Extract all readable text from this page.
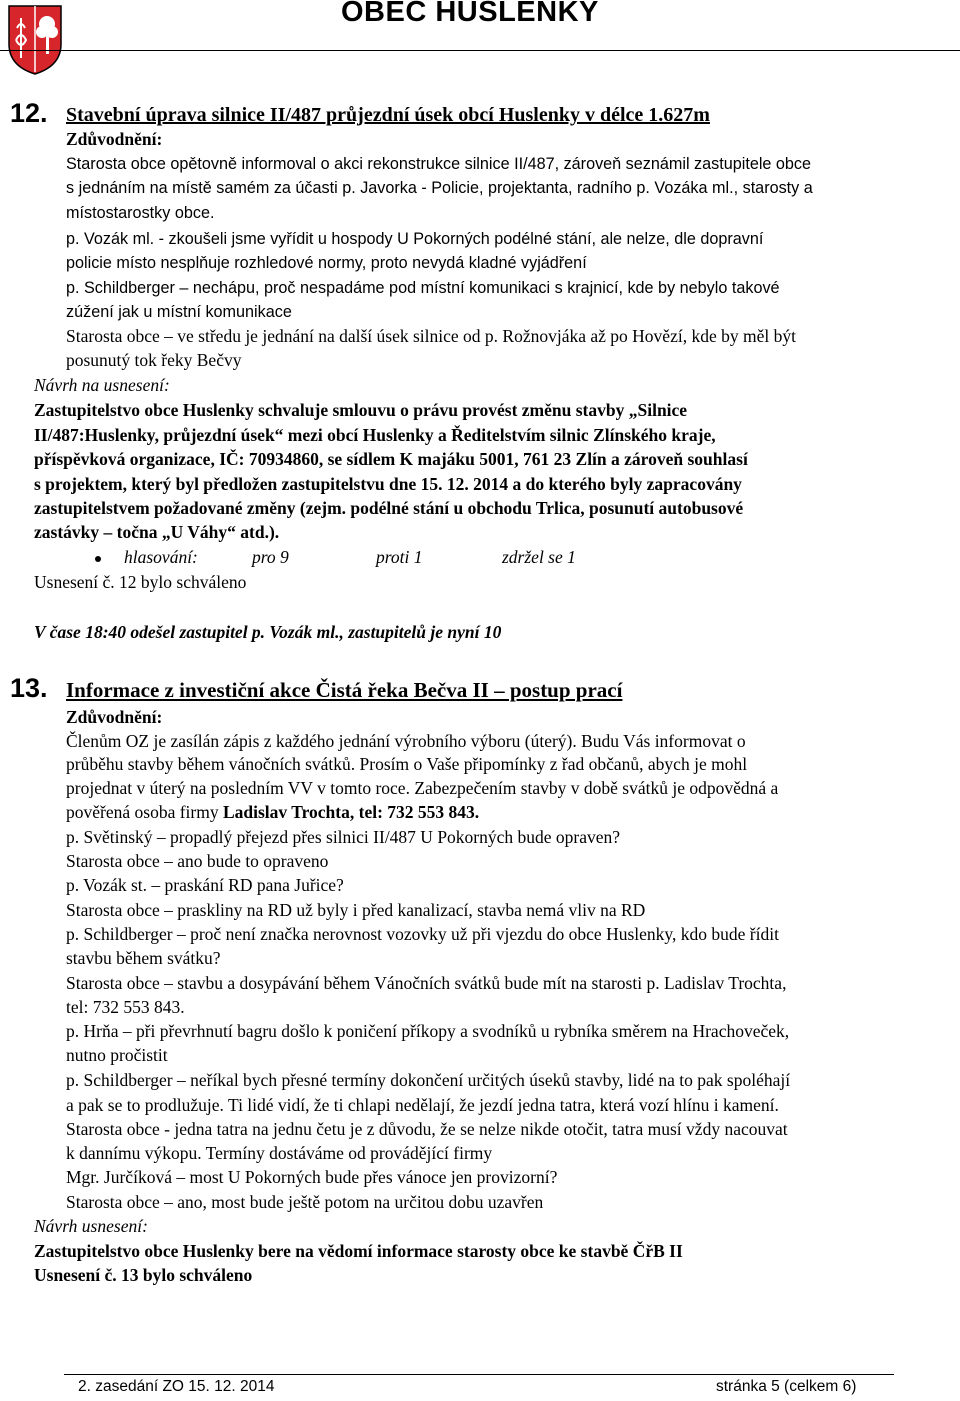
OBEC HUSLENKY
12. Stavební úprava silnice II/487 průjezdní úsek obcí Huslenky v délce 1.627m
Zdůvodnění:
Starosta obce opětovně informoval o akci rekonstrukce silnice II/487, zároveň seznámil zastupitele obce
s jednáním na místě samém za účasti p. Javorka - Policie, projektanta, radního p. Vozáka ml., starosty a
místostarostky obce.
p. Vozák ml. - zkoušeli jsme vyřídit u hospody U Pokorných podélné stání, ale nelze, dle dopravní
policie místo nesplňuje rozhledové normy, proto nevydá kladné vyjádření
p. Schildberger – nechápu, proč nespadáme pod místní komunikaci s krajnicí, kde by nebylo takové
zúžení jak u místní komunikace
Starosta obce – ve středu je jednání na další úsek silnice od p. Rožnovjáka až po Hovězí, kde by měl být
posunutý tok řeky Bečvy
Návrh na usnesení:
Zastupitelstvo obce Huslenky schvaluje smlouvu o právu provést změnu stavby „Silnice
II/487:Huslenky, průjezdní úsek“ mezi obcí Huslenky a Ředitelstvím silnic Zlínského kraje,
příspěvková organizace, IČ: 70934860, se sídlem K majáku 5001, 761 23 Zlín a zároveň souhlasí
s projektem, který byl předložen zastupitelstvu dne 15. 12. 2014 a do kterého byly zapracovány
zastupitelstvem požadované změny (zejm. podélné stání u obchodu Trlica, posunutí autobusové
zastávky – točna „U Váhy“ atd.).
hlasování:	pro 9	proti 1	zdržel se 1
Usnesení č. 12 bylo schváleno
V čase 18:40 odešel zastupitel p. Vozák ml., zastupitelů je nyní 10
13. Informace z investiční akce Čistá řeka Bečva II – postup prací
Zdůvodnění:
Členům OZ je zasílán zápis z každého jednání výrobního výboru (úterý). Budu Vás informovat o
průběhu stavby během vánočních svátků. Prosím o Vaše připomínky z řad občanů, abych je mohl
projednat v úterý na posledním VV v tomto roce. Zabezpečením stavby v době svátků je odpovědná a
pověřená osoba firmy Ladislav Trochta, tel: 732 553 843.
p. Světinský – propadlý přejezd přes silnici II/487 U Pokorných bude opraven?
Starosta obce – ano bude to opraveno
p. Vozák st. – praskání RD pana Juřice?
Starosta obce – praskliny na RD už byly i před kanalizací, stavba nemá vliv na RD
p. Schildberger – proč není značka nerovnost vozovky už při vjezdu do obce Huslenky, kdo bude řídit
stavbu během svátku?
Starosta obce – stavbu a dosypávání během Vánočních svátků bude mít na starosti p. Ladislav Trochta,
tel: 732 553 843.
p. Hrňa – při převrhnutí bagru došlo k poničení příkopy a svodníků u rybníka směrem na Hrachoveček,
nutno pročistit
p. Schildberger – neříkal bych přesné termíny dokončení určitých úseků stavby, lidé na to pak spoléhají
a pak se to prodlužuje. Ti lidé vidí, že ti chlapi nedělají, že jezdí jedna tatra, která vozí hlínu i kamení.
Starosta obce - jedna tatra na jednu četu je z důvodu, že se nelze nikde otočit, tatra musí vždy nacouvat
k dannímu výkopu. Termíny dostáváme od provádějící firmy
Mgr. Jurčíková – most U Pokorných bude přes vánoce jen provizorní?
Starosta obce – ano, most bude ještě potom na určitou dobu uzavřen
Návrh usnesení:
Zastupitelstvo obce Huslenky bere na vědomí informace starosty obce ke stavbě ČřB II
Usnesení č. 13 bylo schváleno
2. zasedání ZO 15. 12. 2014	stránka 5 (celkem 6)
